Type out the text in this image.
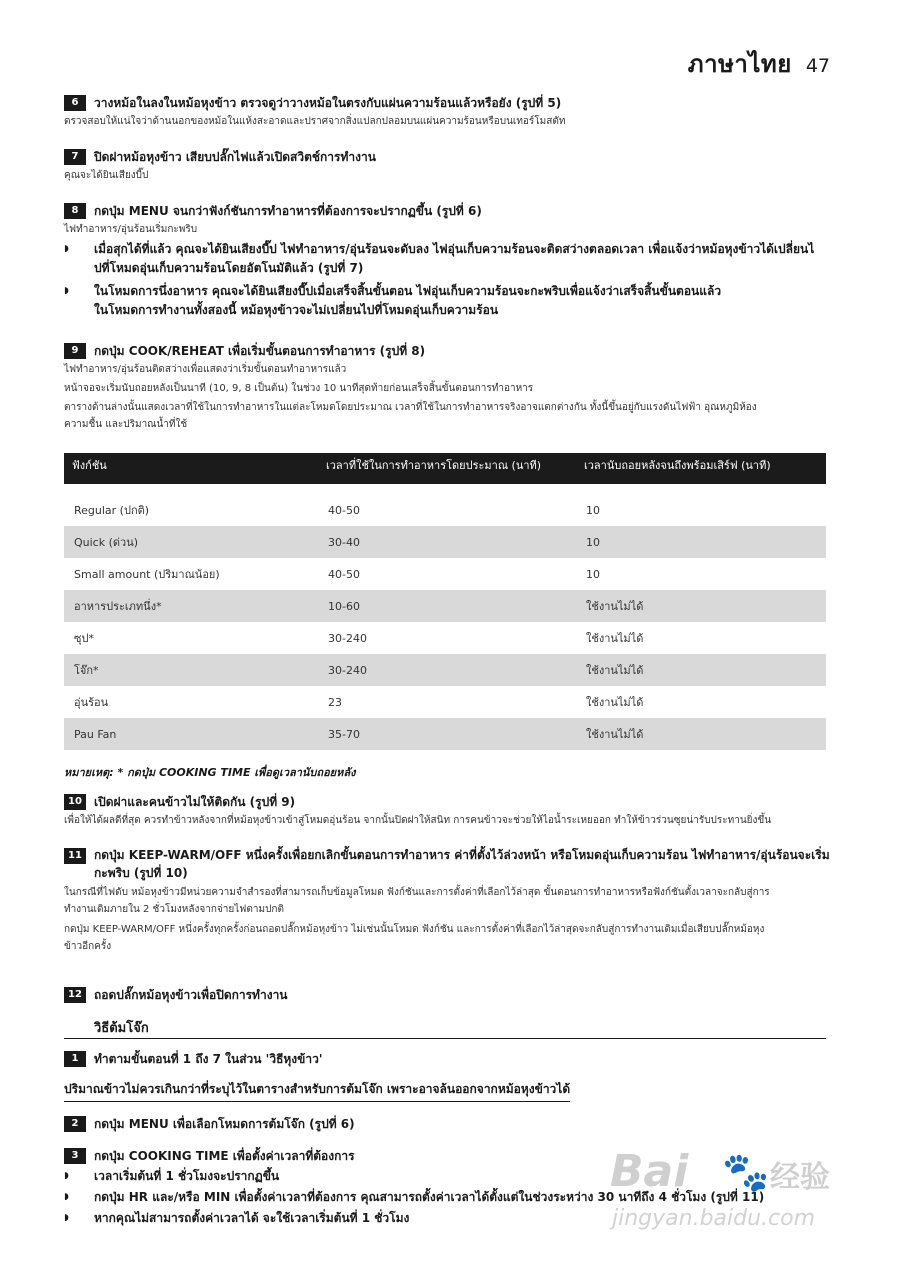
ภาษาไทย 47
6	วางหม้อในลงในหม้อหุงข้าว ตรวจดูว่าวางหม้อในตรงกับแผ่นความร้อนแล้วหรือยัง (รูปที่ 5)
ตรวจสอบให้แน่ใจว่าด้านนอกของหม้อในแห้งสะอาดและปราศจากสิ่งแปลกปลอมบนแผ่นความร้อนหรือบนเทอร์โมสตัท
7	ปิดฝาหม้อหุงข้าว เสียบปลั๊กไฟแล้วเปิดสวิตช์การทำงาน
คุณจะได้ยินเสียงบี๊ป
8	กดปุ่ม MENU จนกว่าฟังก์ชันการทำอาหารที่ต้องการจะปรากฏขึ้น (รูปที่ 6)
ไฟทำอาหาร/อุ่นร้อนเริ่มกะพริบ
◗ เมื่อสุกได้ที่แล้ว คุณจะได้ยินเสียงบี๊ป ไฟทำอาหาร/อุ่นร้อนจะดับลง ไฟอุ่นเก็บความร้อนจะติดสว่างตลอดเวลา เพื่อแจ้งว่าหม้อหุงข้าวได้เปลี่ยนไ
ปที่โหมดอุ่นเก็บความร้อนโดยอัตโนมัติแล้ว (รูปที่ 7)
◗ ในโหมดการนึ่งอาหาร คุณจะได้ยินเสียงบี๊ปเมื่อเสร็จสิ้นขั้นตอน ไฟอุ่นเก็บความร้อนจะกะพริบเพื่อแจ้งว่าเสร็จสิ้นขั้นตอนแล้ว
ในโหมดการทำงานทั้งสองนี้ หม้อหุงข้าวจะไม่เปลี่ยนไปที่โหมดอุ่นเก็บความร้อน
9	กดปุ่ม COOK/REHEAT เพื่อเริ่มขั้นตอนการทำอาหาร (รูปที่ 8)
ไฟทำอาหาร/อุ่นร้อนติดสว่างเพื่อแสดงว่าเริ่มขั้นตอนทำอาหารแล้ว
หน้าจอจะเริ่มนับถอยหลังเป็นนาที (10, 9, 8 เป็นต้น) ในช่วง 10 นาทีสุดท้ายก่อนเสร็จสิ้นขั้นตอนการทำอาหาร
ตารางด้านล่างนั้นแสดงเวลาที่ใช้ในการทำอาหารในแต่ละโหมดโดยประมาณ เวลาที่ใช้ในการทำอาหารจริงอาจแตกต่างกัน ทั้งนี้ขึ้นอยู่กับแรงดันไฟฟ้า อุณหภูมิห้อง
ความชื้น และปริมาณน้ำที่ใช้
ฟังก์ชัน	เวลาที่ใช้ในการทำอาหารโดยประมาณ (นาที)	เวลานับถอยหลังจนถึงพร้อมเสิร์ฟ (นาที)

Regular (ปกติ)	40-50	10
Quick (ด่วน)	30-40	10
Small amount (ปริมาณน้อย)	40-50	10
อาหารประเภทนึ่ง*	10-60	ใช้งานไม่ได้
ซุป*	30-240	ใช้งานไม่ได้
โจ๊ก*	30-240	ใช้งานไม่ได้
อุ่นร้อน	23	ใช้งานไม่ได้
Pau Fan	35-70	ใช้งานไม่ได้
หมายเหตุ: * กดปุ่ม COOKING TIME เพื่อดูเวลานับถอยหลัง
10	เปิดฝาและคนข้าวไม่ให้ติดกัน (รูปที่ 9)
เพื่อให้ได้ผลดีที่สุด ควรทำข้าวหลังจากที่หม้อหุงข้าวเข้าสู่โหมดอุ่นร้อน จากนั้นปิดฝาให้สนิท การคนข้าวจะช่วยให้ไอน้ำระเหยออก ทำให้ข้าวร่วนซุยน่ารับประทานยิ่งขึ้น
11	กดปุ่ม KEEP-WARM/OFF หนึ่งครั้งเพื่อยกเลิกขั้นตอนการทำอาหาร ค่าที่ตั้งไว้ล่วงหน้า หรือโหมดอุ่นเก็บความร้อน ไฟทำอาหาร/อุ่นร้อนจะเริ่ม
กะพริบ (รูปที่ 10)
ในกรณีที่ไฟดับ หม้อหุงข้าวมีหน่วยความจำสำรองที่สามารถเก็บข้อมูลโหมด ฟังก์ชันและการตั้งค่าที่เลือกไว้ล่าสุด ขั้นตอนการทำอาหารหรือฟังก์ชันตั้งเวลาจะกลับสู่การ
ทำงานเดิมภายใน 2 ชั่วโมงหลังจากจ่ายไฟตามปกติ
กดปุ่ม KEEP-WARM/OFF หนึ่งครั้งทุกครั้งก่อนถอดปลั๊กหม้อหุงข้าว ไม่เช่นนั้นโหมด ฟังก์ชัน และการตั้งค่าที่เลือกไว้ล่าสุดจะกลับสู่การทำงานเดิมเมื่อเสียบปลั๊กหม้อหุง
ข้าวอีกครั้ง
12	ถอดปลั๊กหม้อหุงข้าวเพื่อปิดการทำงาน
วิธีต้มโจ๊ก
1	ทำตามขั้นตอนที่ 1 ถึง 7 ในส่วน 'วิธีหุงข้าว'
ปริมาณข้าวไม่ควรเกินกว่าที่ระบุไว้ในตารางสำหรับการต้มโจ๊ก เพราะอาจล้นออกจากหม้อหุงข้าวได้
2	กดปุ่ม MENU เพื่อเลือกโหมดการต้มโจ๊ก (รูปที่ 6)
3	กดปุ่ม COOKING TIME เพื่อตั้งค่าเวลาที่ต้องการ
◗ เวลาเริ่มต้นที่ 1 ชั่วโมงจะปรากฏขึ้น
◗ กดปุ่ม HR และ/หรือ MIN เพื่อตั้งค่าเวลาที่ต้องการ คุณสามารถตั้งค่าเวลาได้ตั้งแต่ในช่วงระหว่าง 30 นาทีถึง 4 ชั่วโมง (รูปที่ 11)
◗ หากคุณไม่สามารถตั้งค่าเวลาได้ จะใช้เวลาเริ่มต้นที่ 1 ชั่วโมง
Bai 🐾 经验
jingyan.baidu.com
